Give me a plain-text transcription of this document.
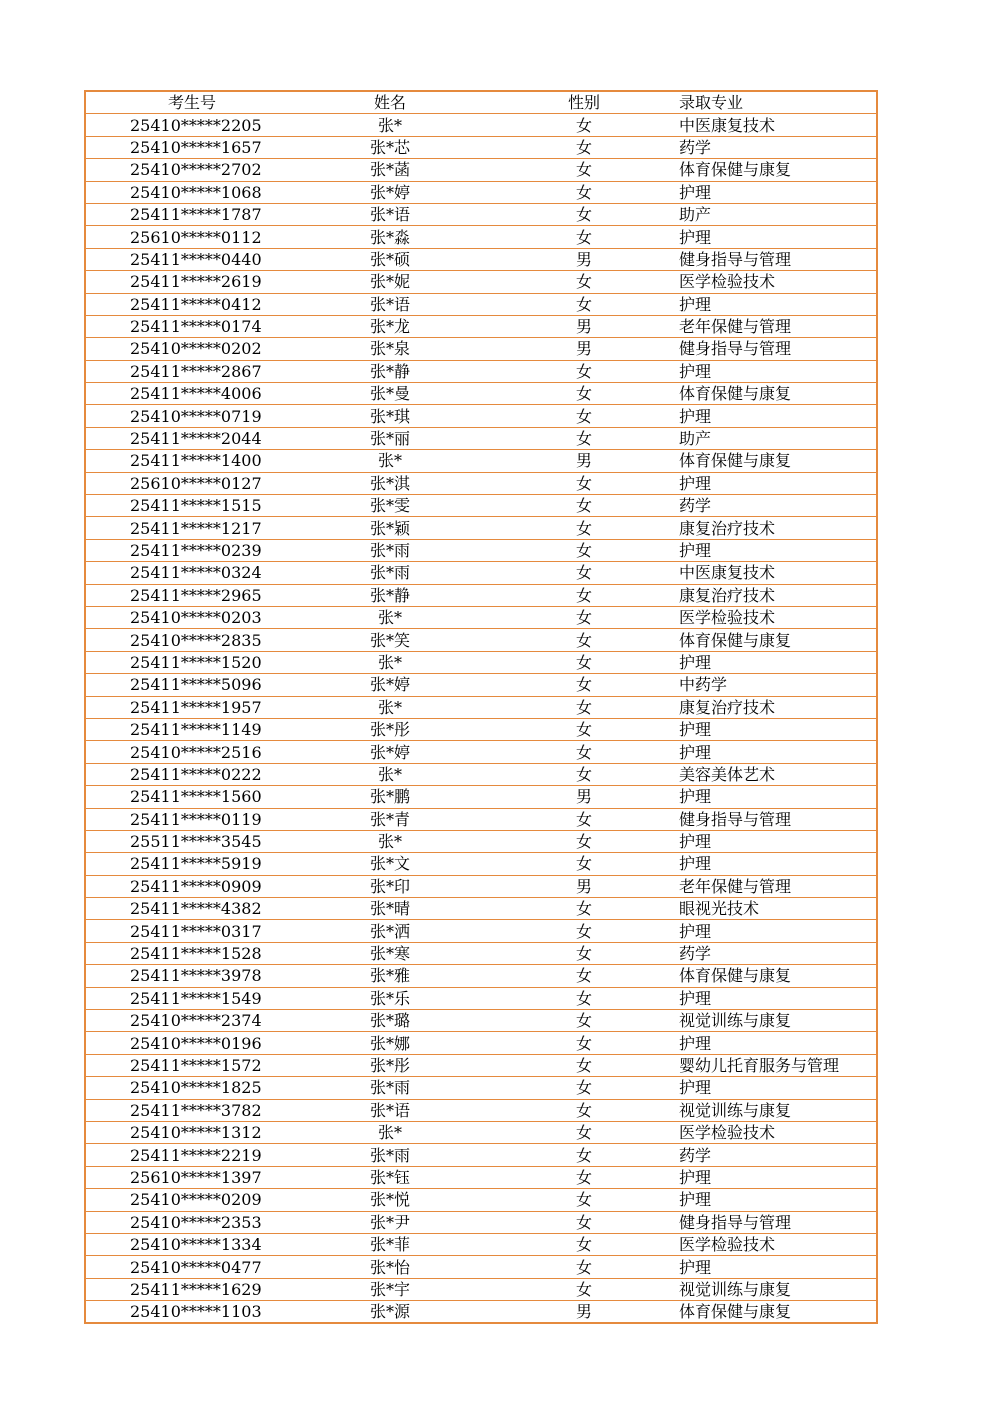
考生号	姓名	性别	录取专业
25410*****2205	张*	女	中医康复技术
25410*****1657	张*芯	女	药学
25410*****2702	张*菡	女	体育保健与康复
25410*****1068	张*婷	女	护理
25411*****1787	张*语	女	助产
25610*****0112	张*淼	女	护理
25411*****0440	张*硕	男	健身指导与管理
25411*****2619	张*妮	女	医学检验技术
25411*****0412	张*语	女	护理
25411*****0174	张*龙	男	老年保健与管理
25410*****0202	张*泉	男	健身指导与管理
25411*****2867	张*静	女	护理
25411*****4006	张*曼	女	体育保健与康复
25410*****0719	张*琪	女	护理
25411*****2044	张*丽	女	助产
25411*****1400	张*	男	体育保健与康复
25610*****0127	张*淇	女	护理
25411*****1515	张*雯	女	药学
25411*****1217	张*颖	女	康复治疗技术
25411*****0239	张*雨	女	护理
25411*****0324	张*雨	女	中医康复技术
25411*****2965	张*静	女	康复治疗技术
25410*****0203	张*	女	医学检验技术
25410*****2835	张*笑	女	体育保健与康复
25411*****1520	张*	女	护理
25411*****5096	张*婷	女	中药学
25411*****1957	张*	女	康复治疗技术
25411*****1149	张*彤	女	护理
25410*****2516	张*婷	女	护理
25411*****0222	张*	女	美容美体艺术
25411*****1560	张*鹏	男	护理
25411*****0119	张*青	女	健身指导与管理
25511*****3545	张*	女	护理
25411*****5919	张*文	女	护理
25411*****0909	张*印	男	老年保健与管理
25411*****4382	张*晴	女	眼视光技术
25411*****0317	张*洒	女	护理
25411*****1528	张*寒	女	药学
25411*****3978	张*雅	女	体育保健与康复
25411*****1549	张*乐	女	护理
25410*****2374	张*璐	女	视觉训练与康复
25410*****0196	张*娜	女	护理
25411*****1572	张*彤	女	婴幼儿托育服务与管理
25410*****1825	张*雨	女	护理
25411*****3782	张*语	女	视觉训练与康复
25410*****1312	张*	女	医学检验技术
25411*****2219	张*雨	女	药学
25610*****1397	张*钰	女	护理
25410*****0209	张*悦	女	护理
25410*****2353	张*尹	女	健身指导与管理
25410*****1334	张*菲	女	医学检验技术
25410*****0477	张*怡	女	护理
25411*****1629	张*宇	女	视觉训练与康复
25410*****1103	张*源	男	体育保健与康复
